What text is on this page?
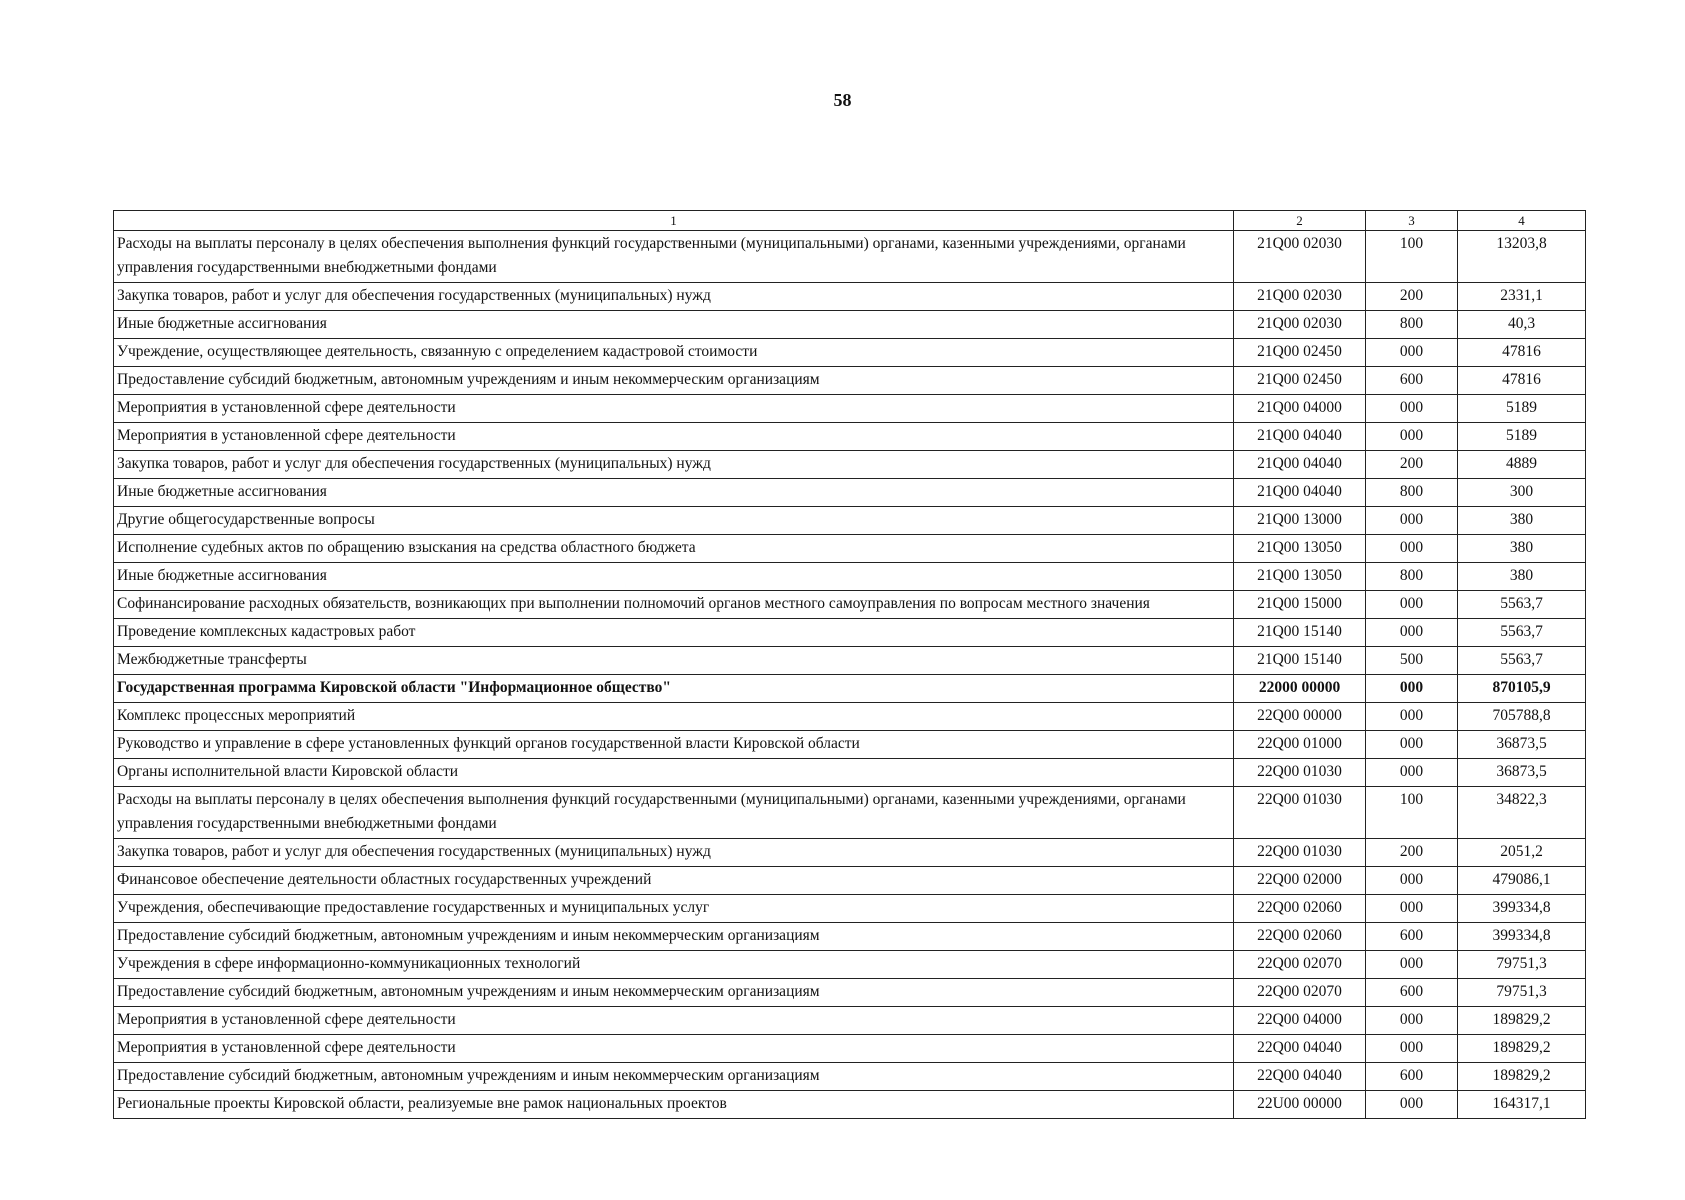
58
1	2	3	4
Расходы на выплаты персоналу в целях обеспечения выполнения функций государственными (муниципальными) органами, казенными учреждениями, органами управления государственными внебюджетными фондами	21Q00 02030	100	13203,8
Закупка товаров, работ и услуг для обеспечения государственных (муниципальных) нужд	21Q00 02030	200	2331,1
Иные бюджетные ассигнования	21Q00 02030	800	40,3
Учреждение, осуществляющее деятельность, связанную с определением кадастровой стоимости	21Q00 02450	000	47816
Предоставление субсидий бюджетным, автономным учреждениям и иным некоммерческим организациям	21Q00 02450	600	47816
Мероприятия в установленной сфере деятельности	21Q00 04000	000	5189
Мероприятия в установленной сфере деятельности	21Q00 04040	000	5189
Закупка товаров, работ и услуг для обеспечения государственных (муниципальных) нужд	21Q00 04040	200	4889
Иные бюджетные ассигнования	21Q00 04040	800	300
Другие общегосударственные вопросы	21Q00 13000	000	380
Исполнение судебных актов по обращению взыскания на средства областного бюджета	21Q00 13050	000	380
Иные бюджетные ассигнования	21Q00 13050	800	380
Софинансирование расходных обязательств, возникающих при выполнении полномочий органов местного самоуправления по вопросам местного значения	21Q00 15000	000	5563,7
Проведение комплексных кадастровых работ	21Q00 15140	000	5563,7
Межбюджетные трансферты	21Q00 15140	500	5563,7
Государственная программа Кировской области "Информационное общество"	22000 00000	000	870105,9
Комплекс процессных мероприятий	22Q00 00000	000	705788,8
Руководство и управление в сфере установленных функций органов государственной власти Кировской области	22Q00 01000	000	36873,5
Органы исполнительной власти Кировской области	22Q00 01030	000	36873,5
Расходы на выплаты персоналу в целях обеспечения выполнения функций государственными (муниципальными) органами, казенными учреждениями, органами управления государственными внебюджетными фондами	22Q00 01030	100	34822,3
Закупка товаров, работ и услуг для обеспечения государственных (муниципальных) нужд	22Q00 01030	200	2051,2
Финансовое обеспечение деятельности областных государственных учреждений	22Q00 02000	000	479086,1
Учреждения, обеспечивающие предоставление государственных и муниципальных услуг	22Q00 02060	000	399334,8
Предоставление субсидий бюджетным, автономным учреждениям и иным некоммерческим организациям	22Q00 02060	600	399334,8
Учреждения в сфере информационно-коммуникационных технологий	22Q00 02070	000	79751,3
Предоставление субсидий бюджетным, автономным учреждениям и иным некоммерческим организациям	22Q00 02070	600	79751,3
Мероприятия в установленной сфере деятельности	22Q00 04000	000	189829,2
Мероприятия в установленной сфере деятельности	22Q00 04040	000	189829,2
Предоставление субсидий бюджетным, автономным учреждениям и иным некоммерческим организациям	22Q00 04040	600	189829,2
Региональные проекты Кировской области, реализуемые вне рамок национальных проектов	22U00 00000	000	164317,1
